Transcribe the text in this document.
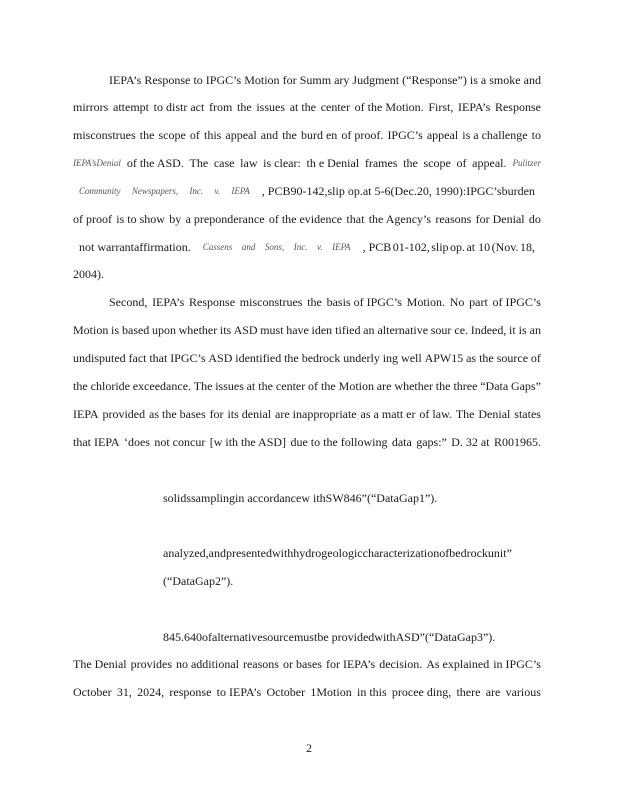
IEPA’s Response to IPGC’s Motion for Summ ary Judgment (“Response”) is a smoke and
mirrors attempt to distr act from the issues at the center of the Motion. First, IEPA’s Response
misconstrues the scope of this appeal and the burd en of proof. IPGC’s appeal is a challenge to
IEPA’s Denial of the ASD. The case law is clear: th e Denial frames the scope of appeal. Pulitzer
Community Newspapers, Inc. v. IEPA , PCB 90-142, slip op. at 5-6 (Dec. 20, 1990): IPGC’s burden
of proof is to show by a preponderance of the evidence that the Agency’s reasons for Denial do
not warrant affirmation. Cassens and Sons, Inc. v. IEPA , PCB 01-102, slip op. at 10 (Nov. 18,
2004).
Second, IEPA’s Response misconstrues the basis of IPGC’s Motion. No part of IPGC’s
Motion is based upon whether its ASD must have iden tified an alternative sour ce. Indeed, it is an
undisputed fact that IPGC’s ASD identified the bedrock underly ing well APW15 as the source of
the chloride exceedance. The issues at the center of the Motion are whether the three “Data Gaps”
IEPA provided as the bases for its denial are inappropriate as a matt er of law. The Denial states
that IEPA ‘does not concur [w ith the ASD] due to the following data gaps:” D. 32 at R001965.
solidssamplingin accordancew ithSW846”(“DataGap1”).
analyzed,andpresentedwithhydrogeologiccharacterizationofbedrockunit”
(“DataGap2”).
845.640ofalternativesourcemustbe providedwithASD”(“DataGap3”).
The Denial provides no additional reasons or bases for IEPA’s decision. As explained in IPGC’s
October 31, 2024, response to IEPA’s October 1Motion in this procee ding, there are various
2
